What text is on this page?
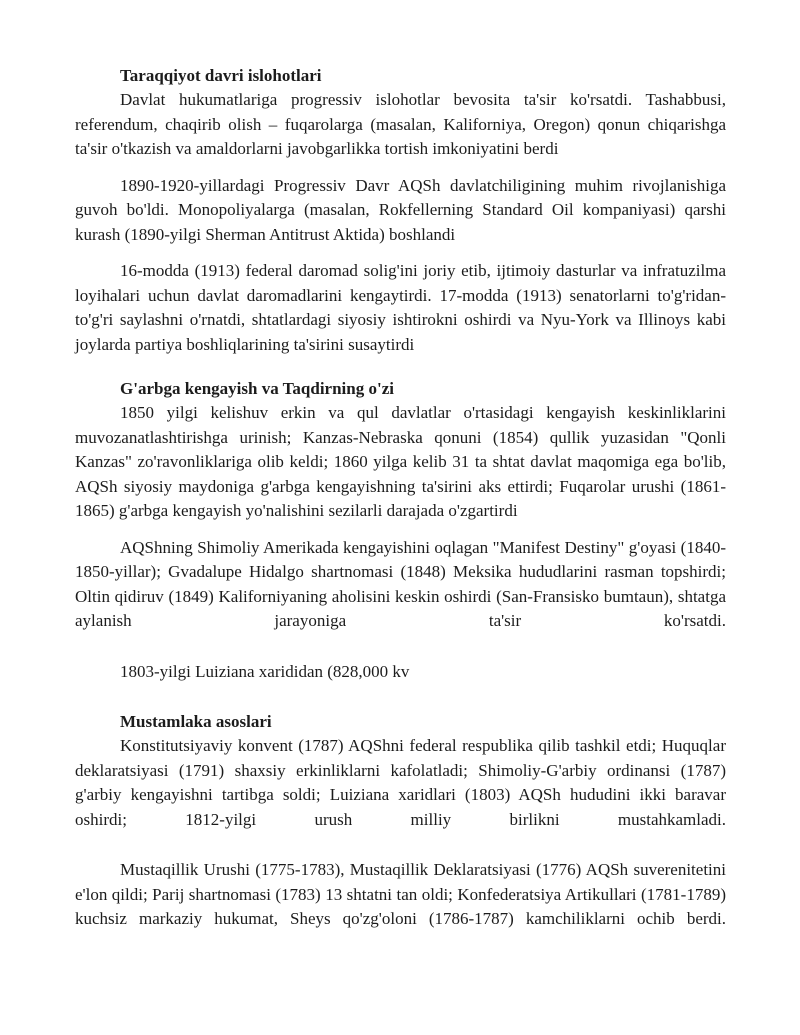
Taraqqiyot davri islohotlari

Davlat hukumatlariga progressiv islohotlar bevosita ta'sir ko'rsatdi. Tashabbusi, referendum, chaqirib olish – fuqarolarga (masalan, Kaliforniya, Oregon) qonun chiqarishga ta'sir o'tkazish va amaldorlarni javobgarlikka tortish imkoniyatini berdi

1890-1920-yillardagi Progressiv Davr AQSh davlatchiligining muhim rivojlanishiga guvoh bo'ldi. Monopoliyalarga (masalan, Rokfellerning Standard Oil kompaniyasi) qarshi kurash (1890-yilgi Sherman Antitrust Aktida) boshlandi

16-modda (1913) federal daromad solig'ini joriy etib, ijtimoiy dasturlar va infratuzilma loyihalari uchun davlat daromadlarini kengaytirdi. 17-modda (1913) senatorlarni to'g'ridan-to'g'ri saylashni o'rnatdi, shtatlardagi siyosiy ishtirokni oshirdi va Nyu-York va Illinoys kabi joylarda partiya boshliqlarining ta'sirini susaytirdi

G'arbga kengayish va Taqdirning o'zi

1850 yilgi kelishuv erkin va qul davlatlar o'rtasidagi kengayish keskinliklarini muvozanatlashtirishga urinish; Kanzas-Nebraska qonuni (1854) qullik yuzasidan "Qonli Kanzas" zo'ravonliklariga olib keldi; 1860 yilga kelib 31 ta shtat davlat maqomiga ega bo'lib, AQSh siyosiy maydoniga g'arbga kengayishning ta'sirini aks ettirdi; Fuqarolar urushi (1861-1865) g'arbga kengayish yo'nalishini sezilarli darajada o'zgartirdi

AQShning Shimoliy Amerikada kengayishini oqlagan "Manifest Destiny" g'oyasi (1840-1850-yillar); Gvadalupe Hidalgo shartnomasi (1848) Meksika hududlarini rasman topshirdi; Oltin qidiruv (1849) Kaliforniyaning aholisini keskin oshirdi (San-Fransisko bumtaun), shtatga aylanish jarayoniga ta'sir ko'rsatdi.

1803-yilgi Luiziana xarididan (828,000 kv

Mustamlaka asoslari

Konstitutsiyaviy konvent (1787) AQShni federal respublika qilib tashkil etdi; Huquqlar deklaratsiyasi (1791) shaxsiy erkinliklarni kafolatladi; Shimoliy-G'arbiy ordinansi (1787) g'arbiy kengayishni tartibga soldi; Luiziana xaridlari (1803) AQSh hududini ikki baravar oshirdi; 1812-yilgi urush milliy birlikni mustahkamladi.

Mustaqillik Urushi (1775-1783), Mustaqillik Deklaratsiyasi (1776) AQSh suverenitetini e'lon qildi; Parij shartnomasi (1783) 13 shtatni tan oldi; Konfederatsiya Artikullari (1781-1789) kuchsiz markaziy hukumat, Sheys qo'zg'oloni (1786-1787) kamchiliklarni ochib berdi.
